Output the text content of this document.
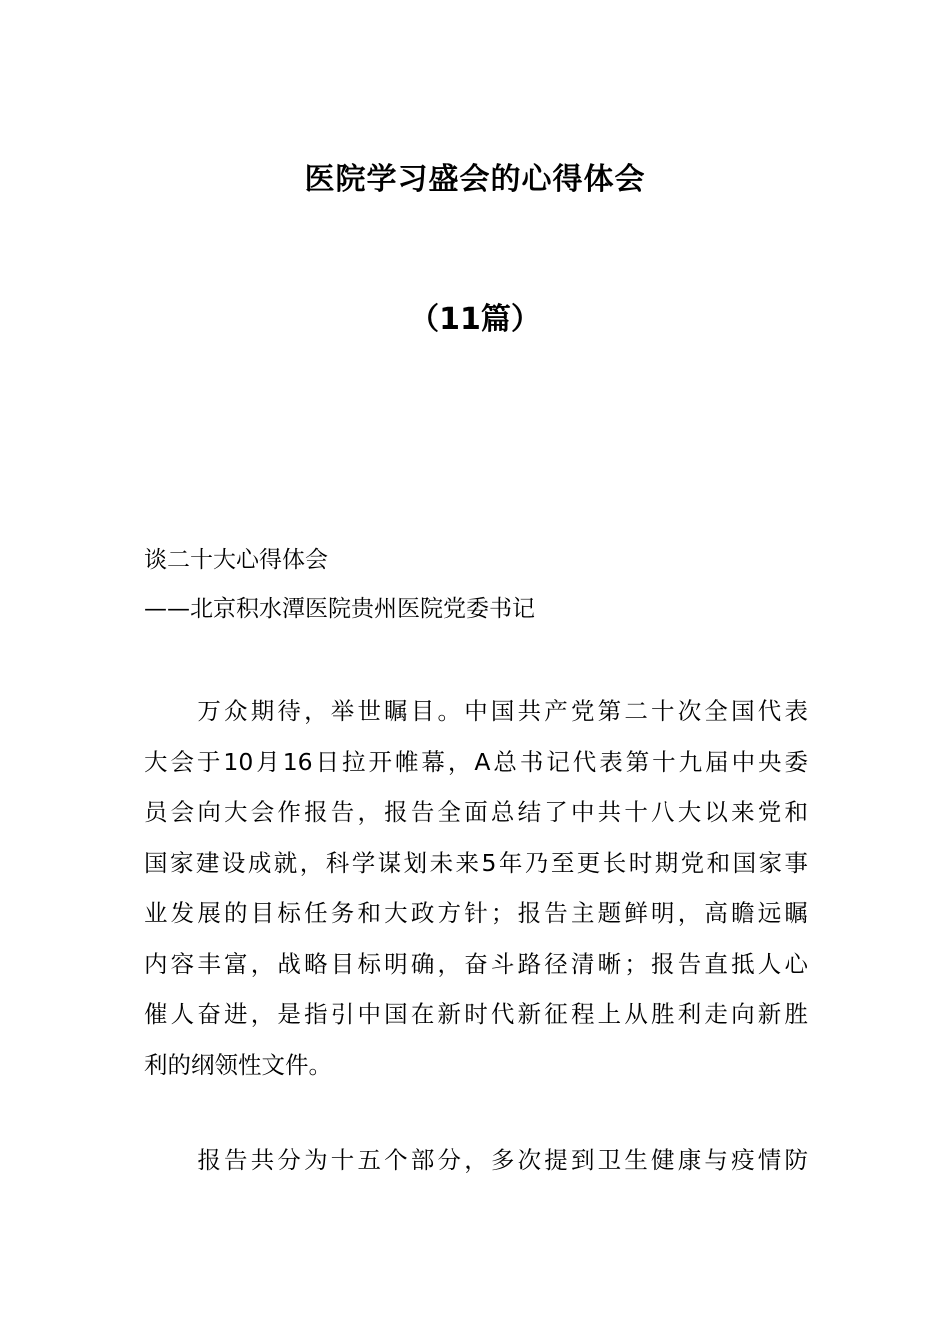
医院学习盛会的心得体会
（11篇）
谈二十大心得体会
——北京积水潭医院贵州医院党委书记
　　万众期待，举世瞩目。中国共产党第二十次全国代表
大会于10月16日拉开帷幕，A总书记代表第十九届中央委
员会向大会作报告，报告全面总结了中共十八大以来党和
国家建设成就，科学谋划未来5年乃至更长时期党和国家事
业发展的目标任务和大政方针；报告主题鲜明，高瞻远瞩
内容丰富，战略目标明确，奋斗路径清晰；报告直抵人心
催人奋进，是指引中国在新时代新征程上从胜利走向新胜
利的纲领性文件。
　　报告共分为十五个部分，多次提到卫生健康与疫情防
